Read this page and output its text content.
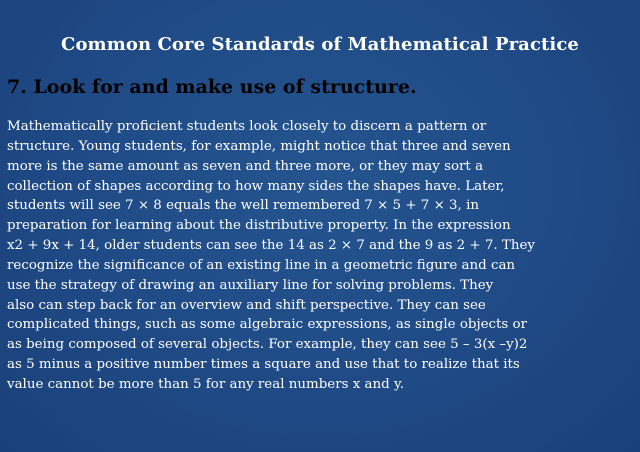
Common Core Standards of Mathematical Practice
7. Look for and make use of structure.
Mathematically proficient students look closely to discern a pattern or
structure. Young students, for example, might notice that three and seven
more is the same amount as seven and three more, or they may sort a
collection of shapes according to how many sides the shapes have. Later,
students will see 7 × 8 equals the well remembered 7 × 5 + 7 × 3, in
preparation for learning about the distributive property. In the expression
x2 + 9x + 14, older students can see the 14 as 2 × 7 and the 9 as 2 + 7. They
recognize the significance of an existing line in a geometric figure and can
use the strategy of drawing an auxiliary line for solving problems. They
also can step back for an overview and shift perspective. They can see
complicated things, such as some algebraic expressions, as single objects or
as being composed of several objects. For example, they can see 5 – 3(x –y)2
as 5 minus a positive number times a square and use that to realize that its
value cannot be more than 5 for any real numbers x and y.
